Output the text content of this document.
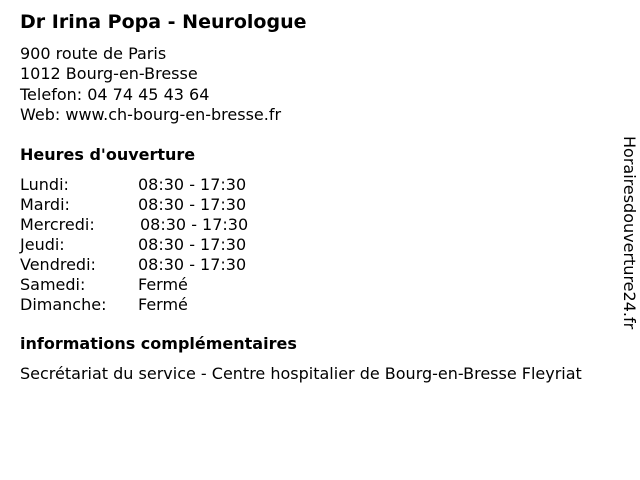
Dr Irina Popa - Neurologue
900 route de Paris
1012 Bourg-en-Bresse
Telefon: 04 74 45 43 64
Web: www.ch-bourg-en-bresse.fr
Heures d'ouverture
Lundi:	08:30 - 17:30
Mardi:	08:30 - 17:30
Mercredi:	08:30 - 17:30
Jeudi:	08:30 - 17:30
Vendredi:	08:30 - 17:30
Samedi:	Fermé
Dimanche: Fermé
informations complémentaires
Secrétariat du service - Centre hospitalier de Bourg-en-Bresse Fleyriat
Horairesdouverture24.fr
